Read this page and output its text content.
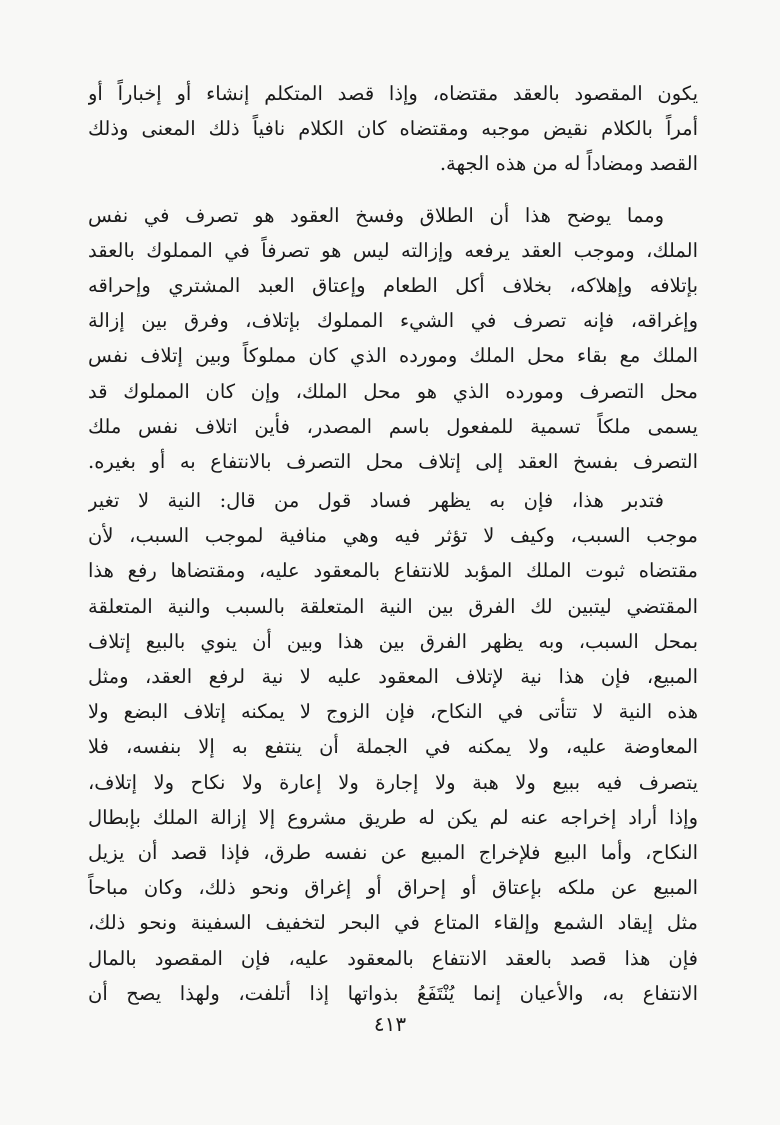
يكون المقصود بالعقد مقتضاه، وإذا قصد المتكلم إنشاء أو إخباراً أو
أمراً بالكلام نقيض موجبه ومقتضاه كان الكلام نافياً ذلك المعنى وذلك
القصد ومضاداً له من هذه الجهة.
ومما يوضح هذا أن الطلاق وفسخ العقود هو تصرف في نفس
الملك، وموجب العقد يرفعه وإزالته ليس هو تصرفاً في المملوك بالعقد
بإتلافه وإهلاكه، بخلاف أكل الطعام وإعتاق العبد المشتري وإحراقه
وإغراقه، فإنه تصرف في الشيء المملوك بإتلاف، وفرق بين إزالة
الملك مع بقاء محل الملك ومورده الذي كان مملوكاً وبين إتلاف نفس
محل التصرف ومورده الذي هو محل الملك، وإن كان المملوك قد
يسمى ملكاً تسمية للمفعول باسم المصدر، فأين اتلاف نفس ملك
التصرف بفسخ العقد إلى إتلاف محل التصرف بالانتفاع به أو بغيره.
فتدبر هذا، فإن به يظهر فساد قول من قال: النية لا تغير
موجب السبب، وكيف لا تؤثر فيه وهي منافية لموجب السبب، لأن
مقتضاه ثبوت الملك المؤبد للانتفاع بالمعقود عليه، ومقتضاها رفع هذا
المقتضي ليتبين لك الفرق بين النية المتعلقة بالسبب والنية المتعلقة
بمحل السبب، وبه يظهر الفرق بين هذا وبين أن ينوي بالبيع إتلاف
المبيع، فإن هذا نية لإتلاف المعقود عليه لا نية لرفع العقد، ومثل
هذه النية لا تتأتى في النكاح، فإن الزوج لا يمكنه إتلاف البضع ولا
المعاوضة عليه، ولا يمكنه في الجملة أن ينتفع به إلا بنفسه، فلا
يتصرف فيه ببيع ولا هبة ولا إجارة ولا إعارة ولا نكاح ولا إتلاف،
وإذا أراد إخراجه عنه لم يكن له طريق مشروع إلا إزالة الملك بإبطال
النكاح، وأما البيع فلإخراج المبيع عن نفسه طرق، فإذا قصد أن يزيل
المبيع عن ملكه بإعتاق أو إحراق أو إغراق ونحو ذلك، وكان مباحاً
مثل إيقاد الشمع وإلقاء المتاع في البحر لتخفيف السفينة ونحو ذلك،
فإن هذا قصد بالعقد الانتفاع بالمعقود عليه، فإن المقصود بالمال
الانتفاع به، والأعيان إنما يُنْتَفَعُ بذواتها إذا أتلفت، ولهذا يصح أن
٤١٣
